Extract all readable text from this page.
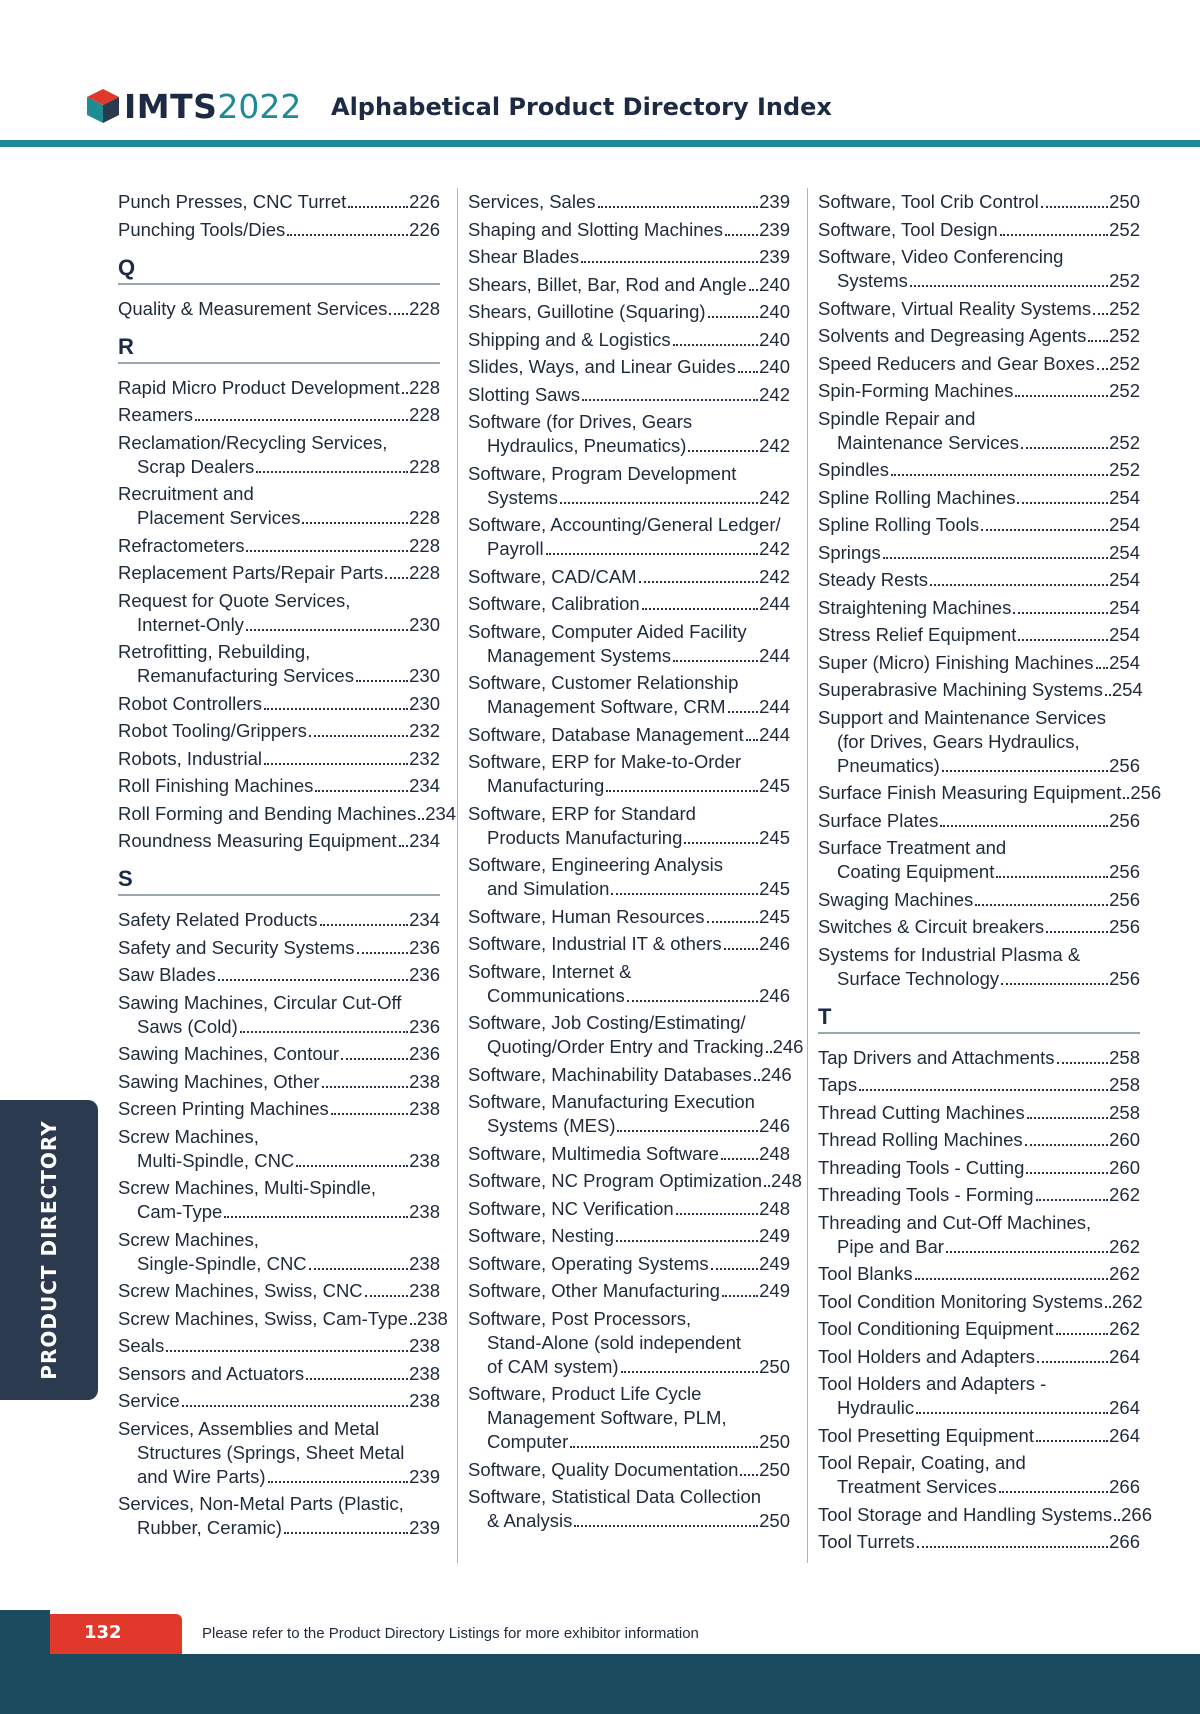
IMTS 2022 Alphabetical Product Directory Index
Punch Presses, CNC Turret	226
Punching Tools/Dies	226
Q
Quality & Measurement Services 228
R
Rapid Micro Product Development 228
Reamers	228
Reclamation/Recycling Services,
Scrap Dealers	228
Recruitment and
Placement Services	228
Refractometers	228
Replacement Parts/Repair Parts 228
Request for Quote Services,
Internet-Only	230
Retrofitting, Rebuilding,
Remanufacturing Services	230
Robot Controllers	230
Robot Tooling/Grippers	232
Robots, Industrial	232
Roll Finishing Machines	234
Roll Forming and Bending Machines 234
Roundness Measuring Equipment 234
S
Safety Related Products	234
Safety and Security Systems	236
Saw Blades	236
Sawing Machines, Circular Cut-Off
Saws (Cold)	236
Sawing Machines, Contour	236
Sawing Machines, Other	238
Screen Printing Machines	238
Screw Machines,
Multi-Spindle, CNC	238
Screw Machines, Multi-Spindle,
Cam-Type	238
Screw Machines,
Single-Spindle, CNC	238
Screw Machines, Swiss, CNC	238
Screw Machines, Swiss, Cam-Type 238
Seals	238
Sensors and Actuators	238
Service	238
Services, Assemblies and Metal
Structures (Springs, Sheet Metal
and Wire Parts)	239
Services, Non-Metal Parts (Plastic,
Rubber, Ceramic)	239
Services, Sales	239
Shaping and Slotting Machines 239
Shear Blades	239
Shears, Billet, Bar, Rod and Angle 240
Shears, Guillotine (Squaring)	240
Shipping and & Logistics	240
Slides, Ways, and Linear Guides 240
Slotting Saws	242
Software (for Drives, Gears
Hydraulics, Pneumatics)	242
Software, Program Development
Systems	242
Software, Accounting/General Ledger/
Payroll	242
Software, CAD/CAM	242
Software, Calibration	244
Software, Computer Aided Facility
Management Systems	244
Software, Customer Relationship
Management Software, CRM 244
Software, Database Management 244
Software, ERP for Make-to-Order
Manufacturing	245
Software, ERP for Standard
Products Manufacturing	245
Software, Engineering Analysis
and Simulation	245
Software, Human Resources	245
Software, Industrial IT & others 246
Software, Internet &
Communications	246
Software, Job Costing/Estimating/
Quoting/Order Entry and Tracking 246
Software, Machinability Databases 246
Software, Manufacturing Execution
Systems (MES)	246
Software, Multimedia Software 248
Software, NC Program Optimization 248
Software, NC Verification	248
Software, Nesting	249
Software, Operating Systems	249
Software, Other Manufacturing 249
Software, Post Processors,
Stand-Alone (sold independent
of CAM system)	250
Software, Product Life Cycle
Management Software, PLM,
Computer	250
Software, Quality Documentation 250
Software, Statistical Data Collection
& Analysis	250
Software, Tool Crib Control	250
Software, Tool Design	252
Software, Video Conferencing
Systems	252
Software, Virtual Reality Systems 252
Solvents and Degreasing Agents 252
Speed Reducers and Gear Boxes 252
Spin-Forming Machines	252
Spindle Repair and
Maintenance Services	252
Spindles	252
Spline Rolling Machines	254
Spline Rolling Tools	254
Springs	254
Steady Rests	254
Straightening Machines	254
Stress Relief Equipment	254
Super (Micro) Finishing Machines 254
Superabrasive Machining Systems 254
Support and Maintenance Services
(for Drives, Gears Hydraulics,
Pneumatics)	256
Surface Finish Measuring Equipment 256
Surface Plates	256
Surface Treatment and
Coating Equipment	256
Swaging Machines	256
Switches & Circuit breakers	256
Systems for Industrial Plasma &
Surface Technology	256
T
Tap Drivers and Attachments	258
Taps	258
Thread Cutting Machines	258
Thread Rolling Machines	260
Threading Tools - Cutting	260
Threading Tools - Forming	262
Threading and Cut-Off Machines,
Pipe and Bar	262
Tool Blanks	262
Tool Condition Monitoring Systems 262
Tool Conditioning Equipment	262
Tool Holders and Adapters	264
Tool Holders and Adapters -
Hydraulic	264
Tool Presetting Equipment	264
Tool Repair, Coating, and
Treatment Services	266
Tool Storage and Handling Systems 266
Tool Turrets	266
PRODUCT DIRECTORY
132	Please refer to the Product Directory Listings for more exhibitor information
